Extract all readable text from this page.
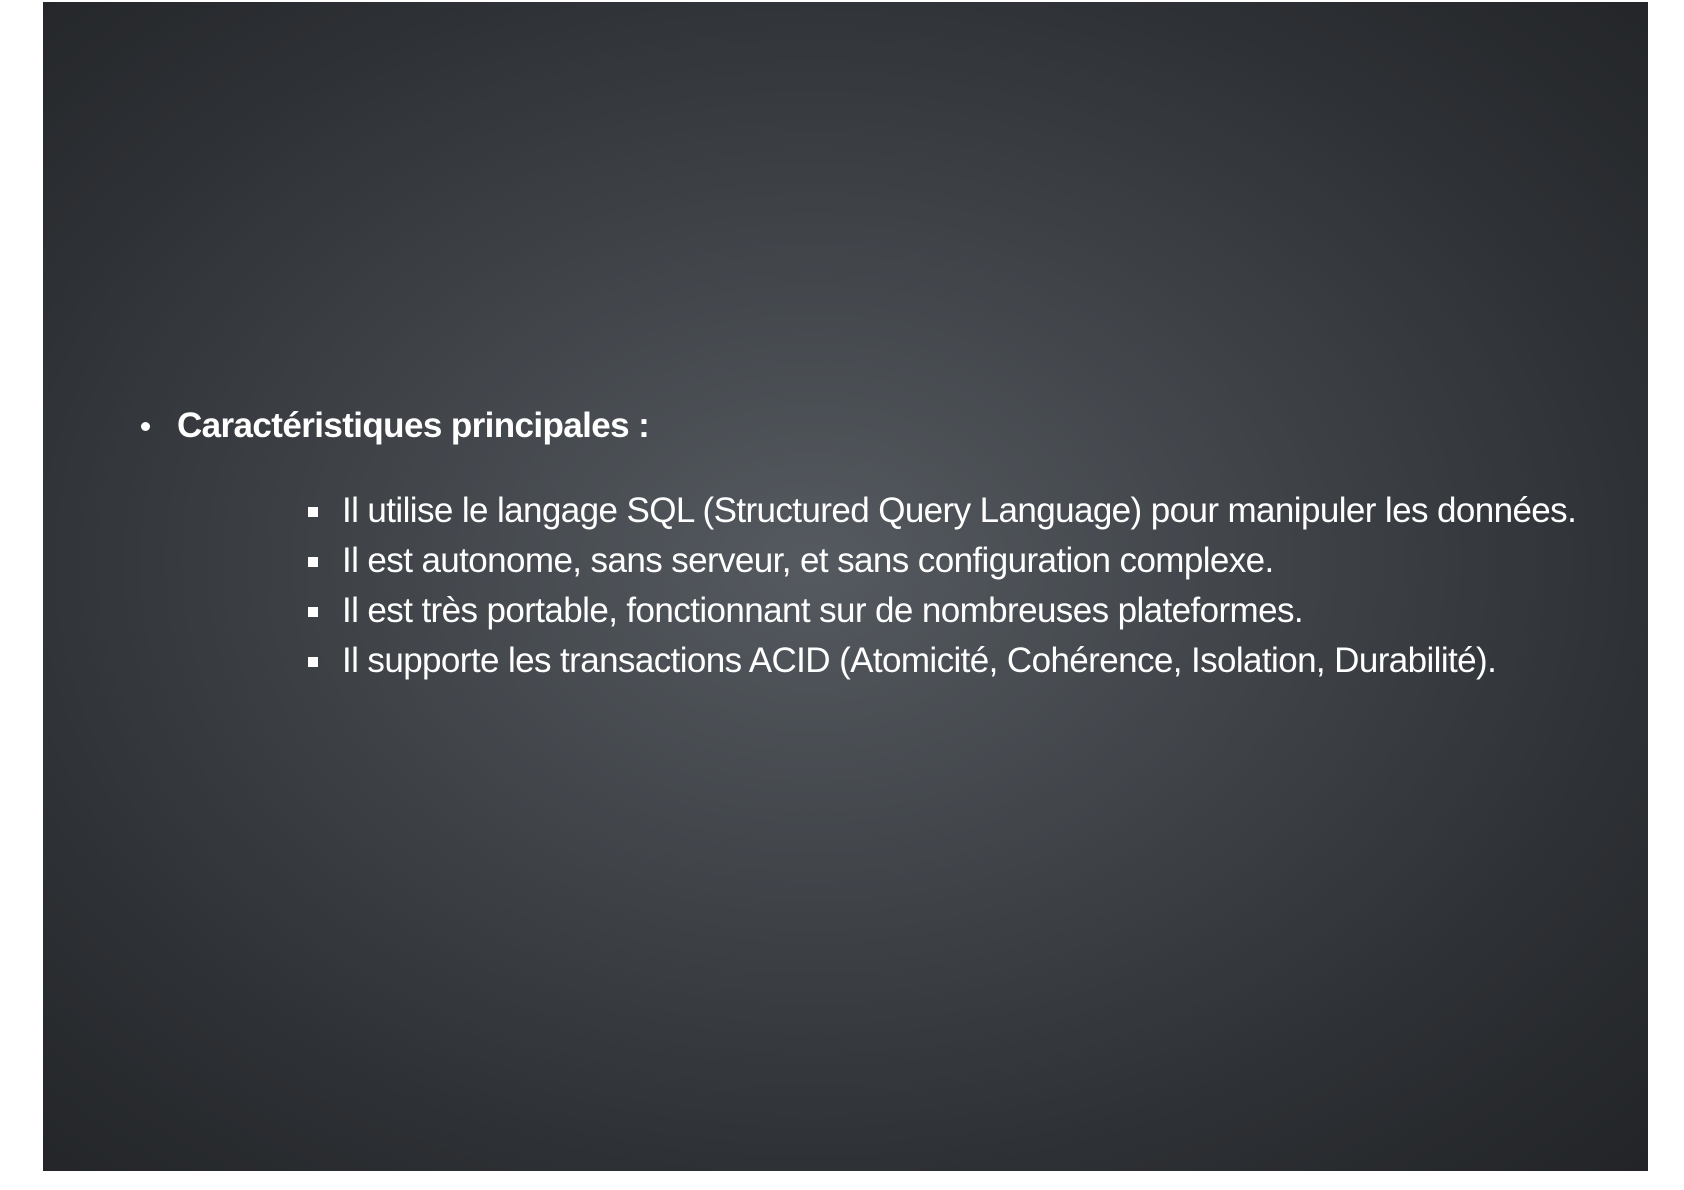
Caractéristiques principales :
Il utilise le langage SQL (Structured Query Language) pour manipuler les données.
Il est autonome, sans serveur, et sans configuration complexe.
Il est très portable, fonctionnant sur de nombreuses plateformes.
Il supporte les transactions ACID (Atomicité, Cohérence, Isolation, Durabilité).
